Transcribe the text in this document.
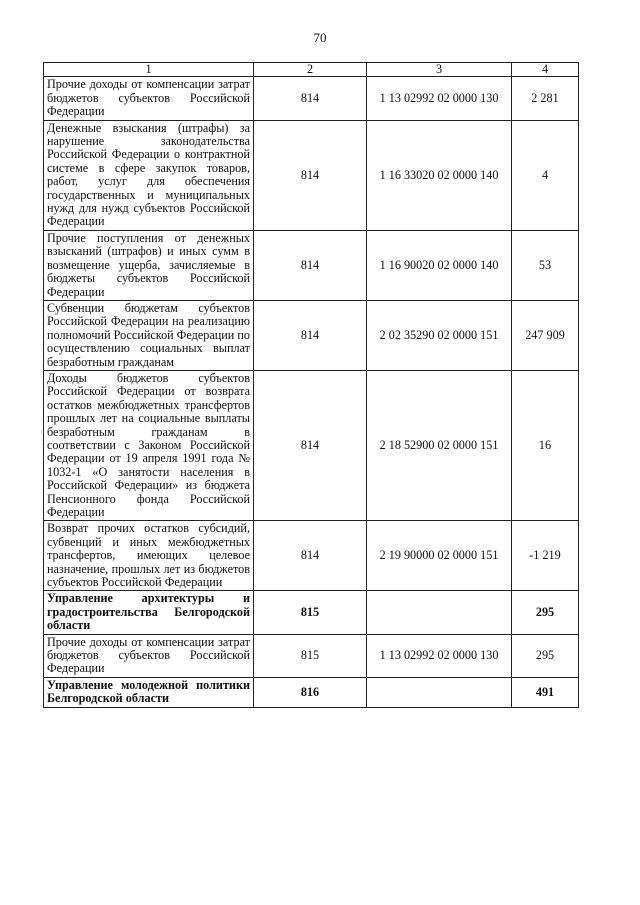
70
1	2	3	4
Прочие доходы от компенсации затрат бюджетов субъектов Российской Федерации	814	1 13 02992 02 0000 130	2 281
Денежные взыскания (штрафы) за нарушение законодательства Российской Федерации о контрактной системе в сфере закупок товаров, работ, услуг для обеспечения государственных и муниципальных нужд для нужд субъектов Российской Федерации	814	1 16 33020 02 0000 140	4
Прочие поступления от денежных взысканий (штрафов) и иных сумм в возмещение ущерба, зачисляемые в бюджеты субъектов Российской Федерации	814	1 16 90020 02 0000 140	53
Субвенции бюджетам субъектов Российской Федерации на реализацию полномочий Российской Федерации по осуществлению социальных выплат безработным гражданам	814	2 02 35290 02 0000 151	247 909
Доходы бюджетов субъектов Российской Федерации от возврата остатков межбюджетных трансфертов прошлых лет на социальные выплаты безработным гражданам в соответствии с Законом Российской Федерации от 19 апреля 1991 года № 1032-1 «О занятости населения в Российской Федерации» из бюджета Пенсионного фонда Российской Федерации	814	2 18 52900 02 0000 151	16
Возврат прочих остатков субсидий, субвенций и иных межбюджетных трансфертов, имеющих целевое назначение, прошлых лет из бюджетов субъектов Российской Федерации	814	2 19 90000 02 0000 151	-1 219
Управление архитектуры и градостроительства Белгородской области	815		295
Прочие доходы от компенсации затрат бюджетов субъектов Российской Федерации	815	1 13 02992 02 0000 130	295
Управление молодежной политики Белгородской области	816		491
